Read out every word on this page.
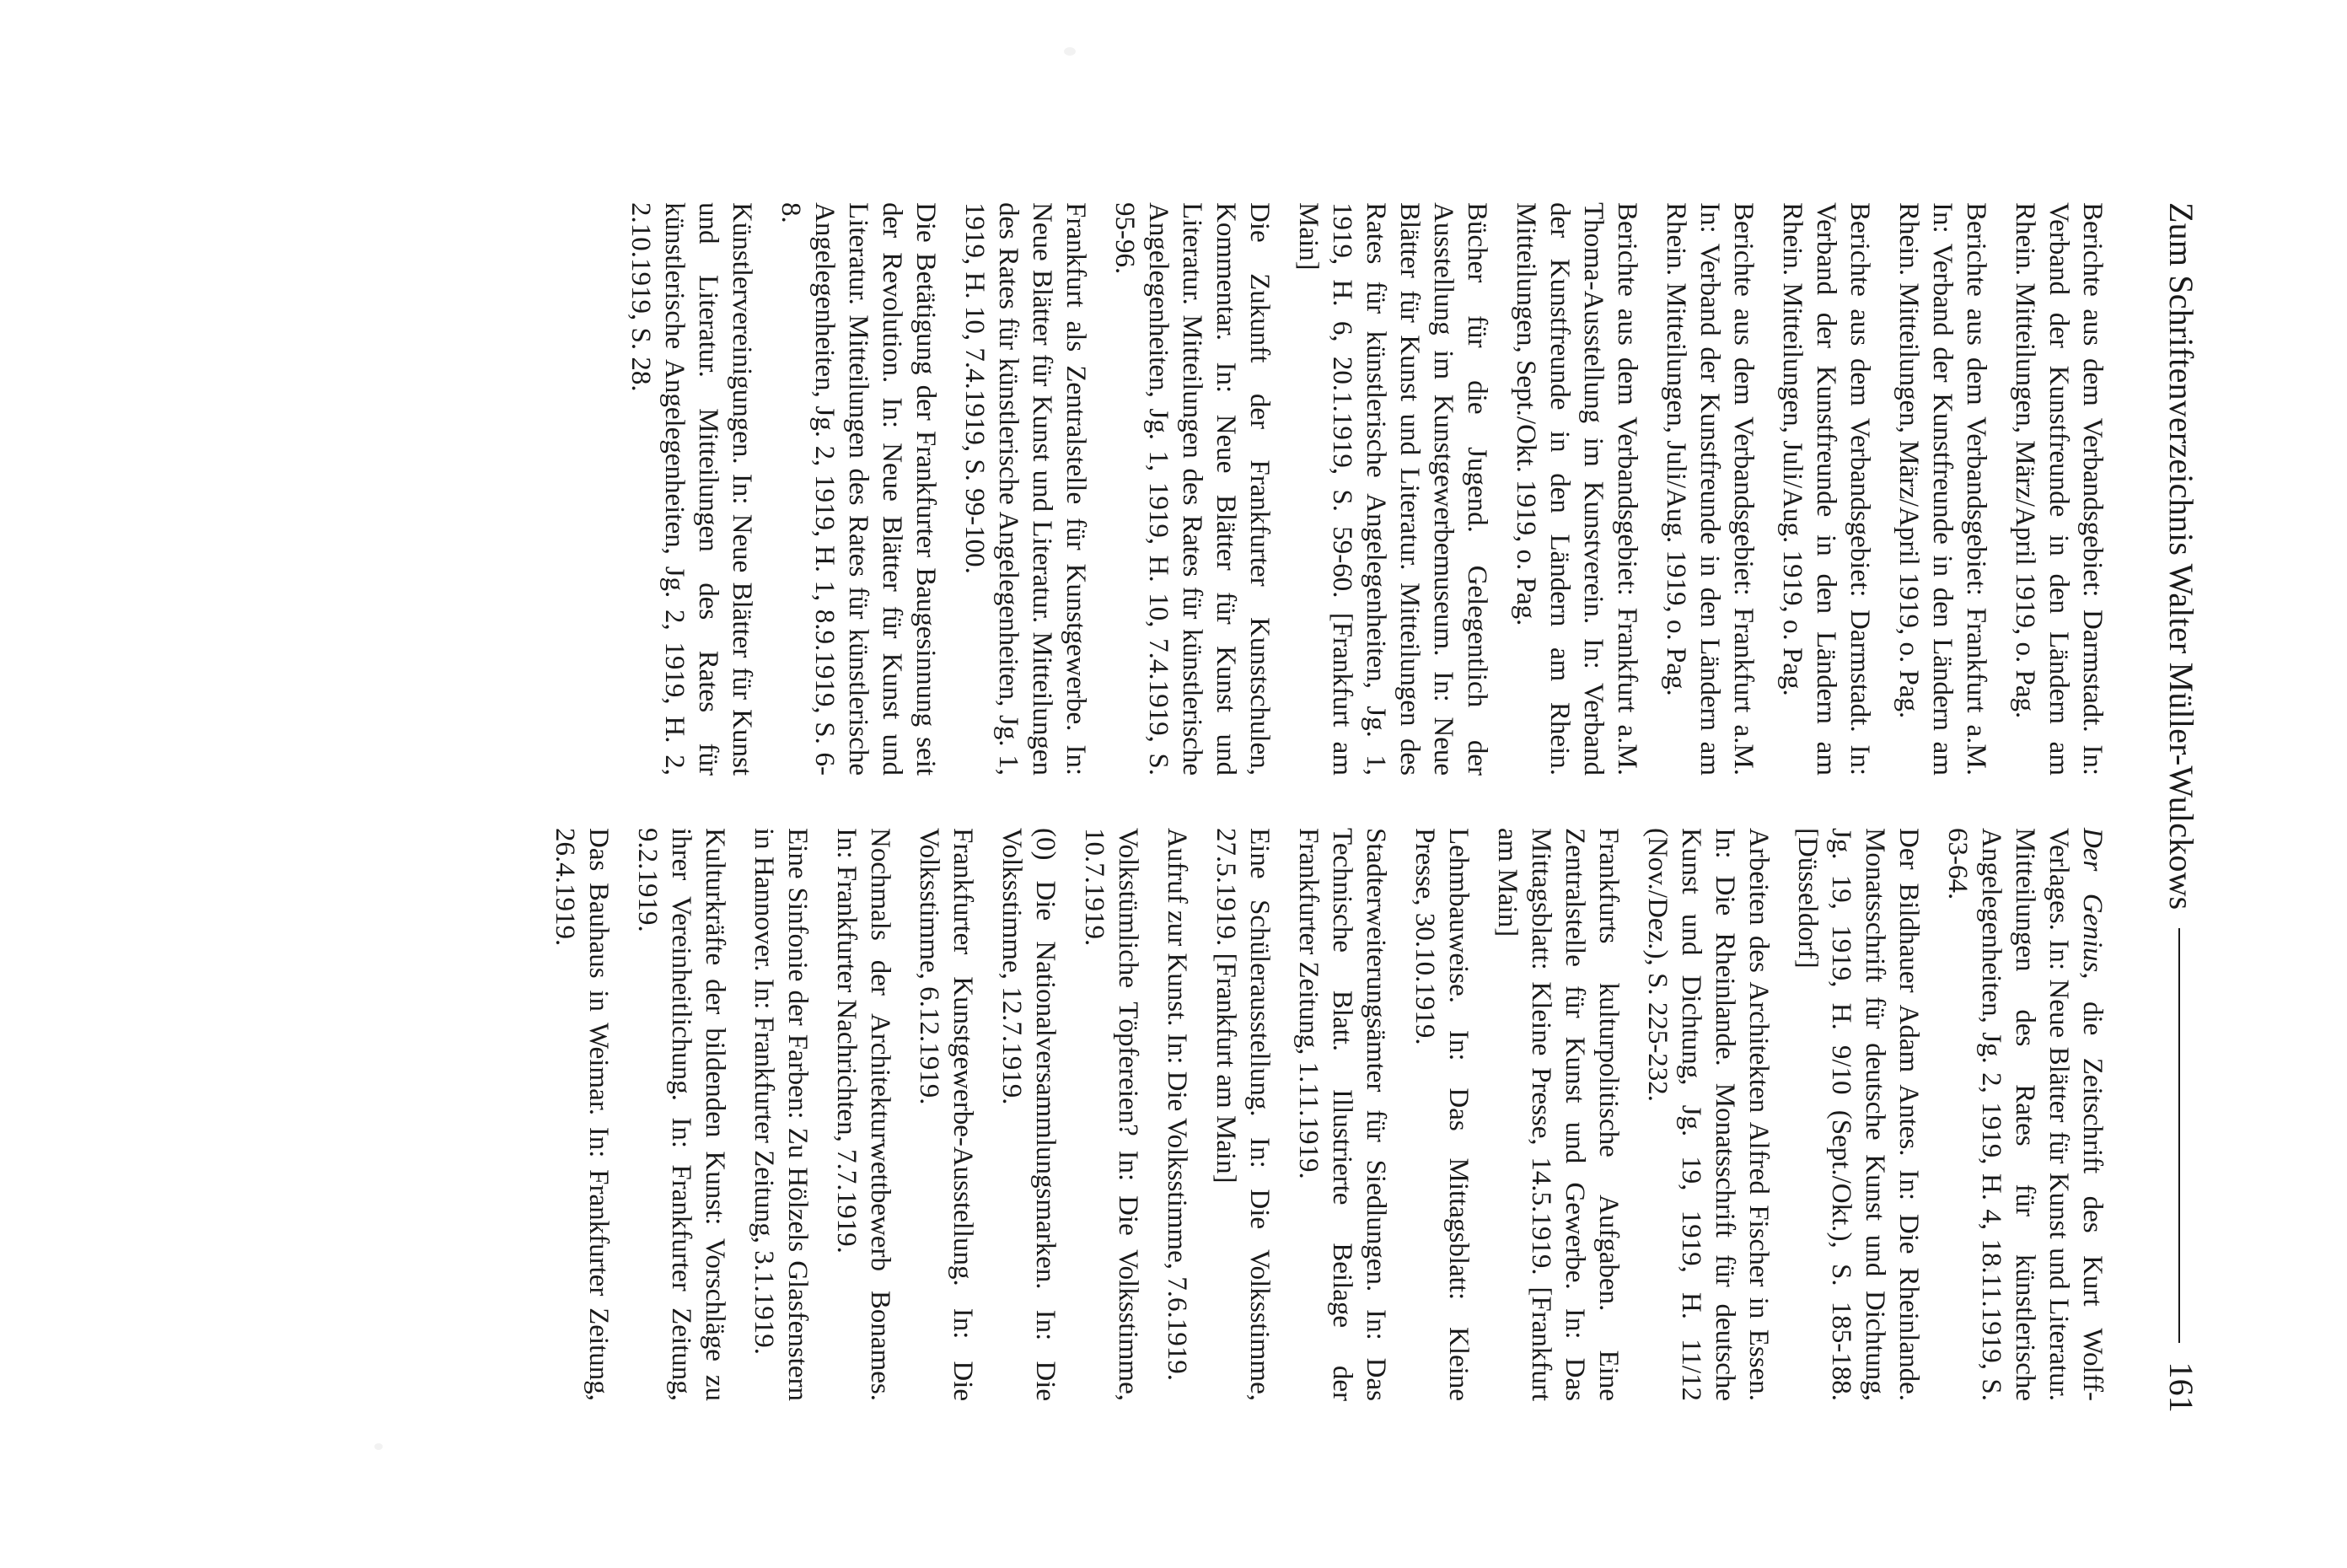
Zum Schriftenverzeichnis Walter Müller-Wulckows
161

Berichte aus dem Verbandsgebiet: Darmstadt. In: Verband der Kunstfreunde in den Ländern am Rhein. Mitteilungen, März/April 1919, o. Pag.

Berichte aus dem Verbandsgebiet: Frankfurt a.M. In: Verband der Kunstfreunde in den Ländern am Rhein. Mitteilungen, März/April 1919, o. Pag.

Berichte aus dem Verbandsgebiet: Darmstadt. In: Verband der Kunstfreunde in den Ländern am Rhein. Mitteilungen, Juli/Aug. 1919, o. Pag.

Berichte aus dem Verbandsgebiet: Frankfurt a.M. In: Verband der Kunstfreunde in den Ländern am Rhein. Mitteilungen, Juli/Aug. 1919, o. Pag.

Berichte aus dem Verbandsgebiet: Frankfurt a.M. Thoma-Ausstellung im Kunstverein. In: Verband der Kunstfreunde in den Ländern am Rhein. Mitteilungen, Sept./Okt. 1919, o. Pag.

Bücher für die Jugend. Gelegentlich der Ausstellung im Kunstgewerbemuseum. In: Neue Blätter für Kunst und Literatur. Mitteilungen des Rates für künstlerische Angelegenheiten, Jg. 1, 1919, H. 6, 20.1.1919, S. 59-60. [Frankfurt am Main]

Die Zukunft der Frankfurter Kunstschulen, Kommentar. In: Neue Blätter für Kunst und Literatur. Mitteilungen des Rates für künstlerische Angelegenheiten, Jg. 1, 1919, H. 10, 7.4.1919, S. 95-96.

Frankfurt als Zentralstelle für Kunstgewerbe. In: Neue Blätter für Kunst und Literatur. Mitteilungen des Rates für künstlerische Angelegenheiten, Jg. 1, 1919, H. 10, 7.4.1919, S. 99-100.

Die Betätigung der Frankfurter Baugesinnung seit der Revolution. In: Neue Blätter für Kunst und Literatur. Mitteilungen des Rates für künstlerische Angelegenheiten, Jg. 2, 1919, H. 1, 8.9.1919, S. 6-8.

Künstlervereinigungen. In: Neue Blätter für Kunst und Literatur. Mitteilungen des Rates für künstlerische Angelegenheiten, Jg. 2, 1919, H. 2, 2.10.1919, S. 28.

Der Genius, die Zeitschrift des Kurt Wolff-Verlages. In: Neue Blätter für Kunst und Literatur. Mitteilungen des Rates für künstlerische Angelegenheiten, Jg. 2, 1919, H. 4, 18.11.1919, S. 63-64.

Der Bildhauer Adam Antes. In: Die Rheinlande. Monatsschrift für deutsche Kunst und Dichtung, Jg. 19, 1919, H. 9/10 (Sept./Okt.), S. 185-188. [Düsseldorf]

Arbeiten des Architekten Alfred Fischer in Essen. In: Die Rheinlande. Monatsschrift für deutsche Kunst und Dichtung, Jg. 19, 1919, H. 11/12 (Nov./Dez.), S. 225-232.

Frankfurts kulturpolitische Aufgaben. Eine Zentralstelle für Kunst und Gewerbe. In: Das Mittagsblatt: Kleine Presse, 14.5.1919. [Frankfurt am Main]

Lehmbauweise. In: Das Mittagsblatt: Kleine Presse, 30.10.1919.

Stadterweiterungsämter für Siedlungen. In: Das Technische Blatt. Illustrierte Beilage der Frankfurter Zeitung, 1.11.1919.

Eine Schülerausstellung. In: Die Volksstimme, 27.5.1919. [Frankfurt am Main]

Aufruf zur Kunst. In: Die Volksstimme, 7.6.1919.

Volkstümliche Töpfereien? In: Die Volksstimme, 10.7.1919.

(0) Die Nationalversammlungsmarken. In: Die Volksstimme, 12.7.1919.

Frankfurter Kunstgewerbe-Ausstellung. In: Die Volksstimme, 6.12.1919.

Nochmals der Architekturwettbewerb Bonames. In: Frankfurter Nachrichten, 7.7.1919.

Eine Sinfonie der Farben: Zu Hölzels Glasfenstern in Hannover. In: Frankfurter Zeitung, 3.1.1919.

Kulturkräfte der bildenden Kunst: Vorschläge zu ihrer Vereinheitlichung. In: Frankfurter Zeitung, 9.2.1919.

Das Bauhaus in Weimar. In: Frankfurter Zeitung, 26.4.1919.
